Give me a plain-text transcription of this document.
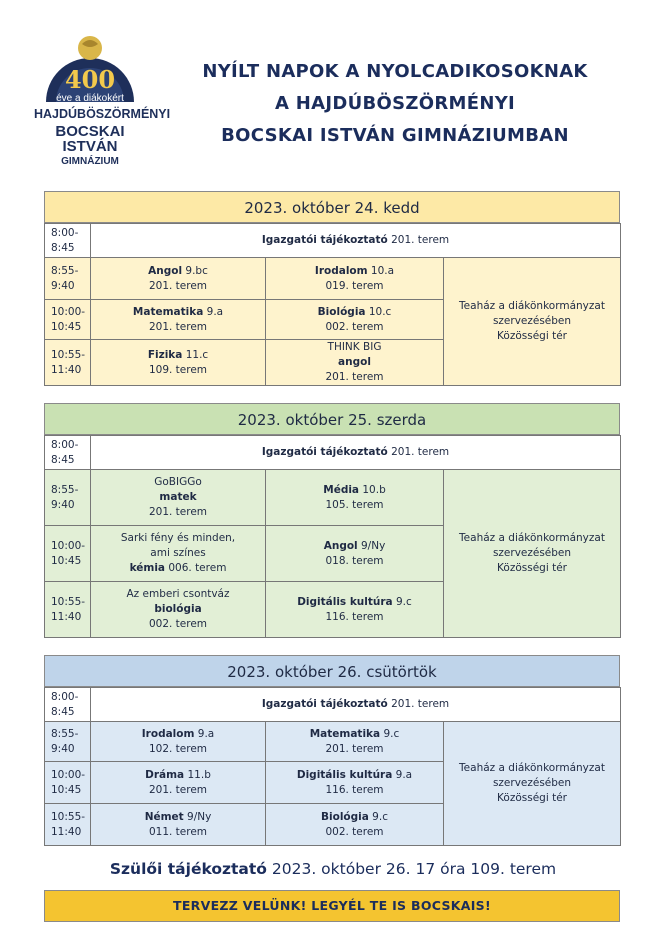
400
éve a diákokért
HAJDÚBÖSZÖRMÉNYI
BOCSKAI ISTVÁN
GIMNÁZIUM
NYÍLT NAPOK A NYOLCADIKOSOKNAK
A HAJDÚBÖSZÖRMÉNYI
BOCSKAI ISTVÁN GIMNÁZIUMBAN
2023. október 24. kedd
8:00-
8:45	Igazgatói tájékoztató 201. terem		
8:55-
9:40	Angol 9.bc
201. terem	Irodalom 10.a
019. terem	Teaház a diákönkormányzat
szervezésében
Közösségi tér
10:00-
10:45	Matematika 9.a
201. terem	Biológia 10.c
002. terem	
10:55-
11:40	Fizika 11.c
109. terem	THINK BIG
angol
201. terem	
2023. október 25. szerda
8:00-
8:45	Igazgatói tájékoztató 201. terem		
8:55-
9:40	GoBIGGo
matek
201. terem	Média 10.b
105. terem	Teaház a diákönkormányzat
szervezésében
Közösségi tér
10:00-
10:45	Sarki fény és minden,
ami színes
kémia 006. terem	Angol 9/Ny
018. terem	
10:55-
11:40	Az emberi csontváz
biológia
002. terem	Digitális kultúra 9.c
116. terem	
2023. október 26. csütörtök
8:00-
8:45	Igazgatói tájékoztató 201. terem		
8:55-
9:40	Irodalom 9.a
102. terem	Matematika 9.c
201. terem	Teaház a diákönkormányzat
szervezésében
Közösségi tér
10:00-
10:45	Dráma 11.b
201. terem	Digitális kultúra 9.a
116. terem	
10:55-
11:40	Német 9/Ny
011. terem	Biológia 9.c
002. terem	
Szülői tájékoztató 2023. október 26. 17 óra 109. terem
TERVEZZ VELÜNK! LEGYÉL TE IS BOCSKAIS!
